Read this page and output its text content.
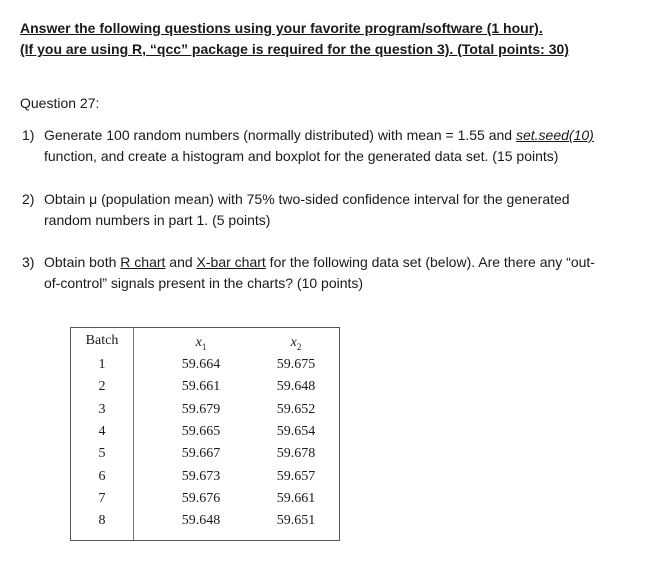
Answer the following questions using your favorite program/software (1 hour).
(If you are using R, “qcc” package is required for the question 3). (Total points: 30)
Question 27:
1) Generate 100 random numbers (normally distributed) with mean = 1.55 and set.seed(10)
function, and create a histogram and boxplot for the generated data set. (15 points)
2) Obtain μ (population mean) with 75% two-sided confidence interval for the generated
random numbers in part 1. (5 points)
3) Obtain both R chart and X-bar chart for the following data set (below). Are there any “out-
of-control” signals present in the charts? (10 points)
Batch	$x_1$	$x_2$
1	59.664	59.675
2	59.661	59.648
3	59.679	59.652
4	59.665	59.654
5	59.667	59.678
6	59.673	59.657
7	59.676	59.661
8	59.648	59.651
